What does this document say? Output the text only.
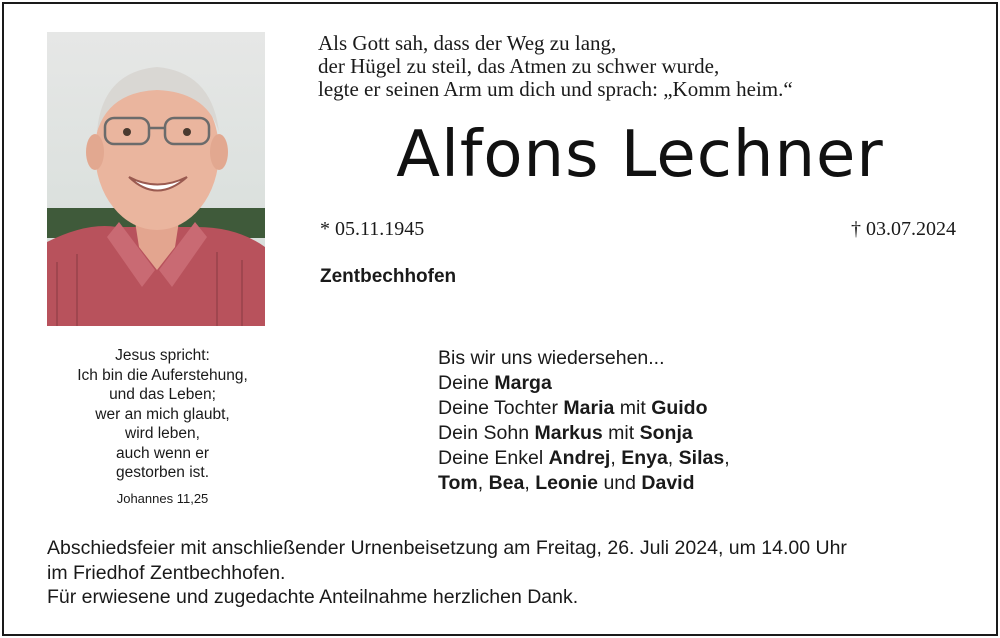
Als Gott sah, dass der Weg zu lang,
der Hügel zu steil, das Atmen zu schwer wurde,
legte er seinen Arm um dich und sprach: „Komm heim.“
Alfons Lechner
* 05.11.1945	† 03.07.2024
Zentbechhofen
Jesus spricht:
Ich bin die Auferstehung,
und das Leben;
wer an mich glaubt,
wird leben,
auch wenn er
gestorben ist.
Johannes 11,25
Bis wir uns wiedersehen...
Deine Marga
Deine Tochter Maria mit Guido
Dein Sohn Markus mit Sonja
Deine Enkel Andrej, Enya, Silas,
Tom, Bea, Leonie und David
Abschiedsfeier mit anschließender Urnenbeisetzung am Freitag, 26. Juli 2024, um 14.00 Uhr
im Friedhof Zentbechhofen.
Für erwiesene und zugedachte Anteilnahme herzlichen Dank.
